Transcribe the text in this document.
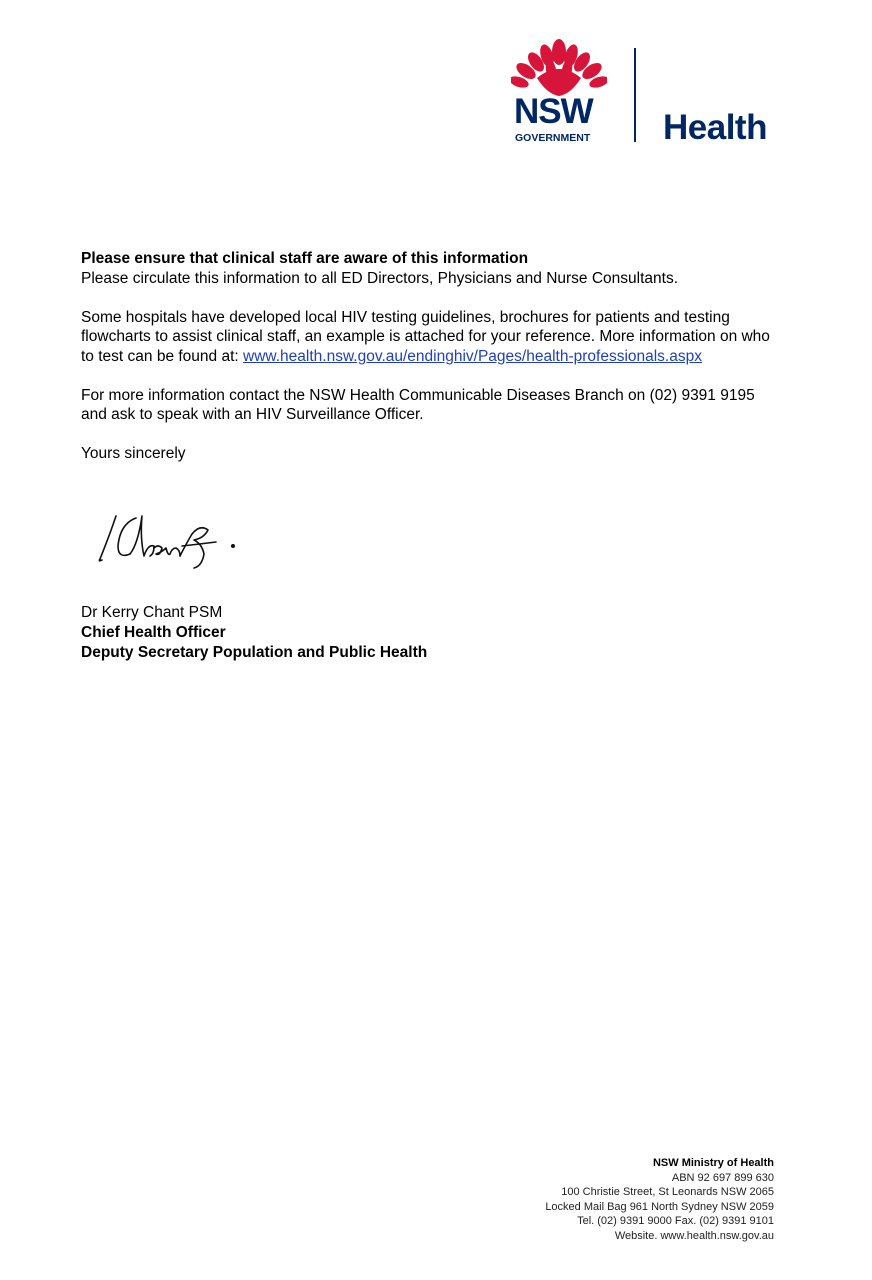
NSW
GOVERNMENT Health

Please ensure that clinical staff are aware of this information
Please circulate this information to all ED Directors, Physicians and Nurse Consultants.

Some hospitals have developed local HIV testing guidelines, brochures for patients and testing flowcharts to assist clinical staff, an example is attached for your reference. More information on who to test can be found at: www.health.nsw.gov.au/endinghiv/Pages/health-professionals.aspx

For more information contact the NSW Health Communicable Diseases Branch on (02) 9391 9195 and ask to speak with an HIV Surveillance Officer.

Yours sincerely

Dr Kerry Chant PSM
Chief Health Officer
Deputy Secretary Population and Public Health
NSW Ministry of Health
ABN 92 697 899 630
100 Christie Street, St Leonards NSW 2065
Locked Mail Bag 961 North Sydney NSW 2059
Tel. (02) 9391 9000 Fax. (02) 9391 9101
Website. www.health.nsw.gov.au
